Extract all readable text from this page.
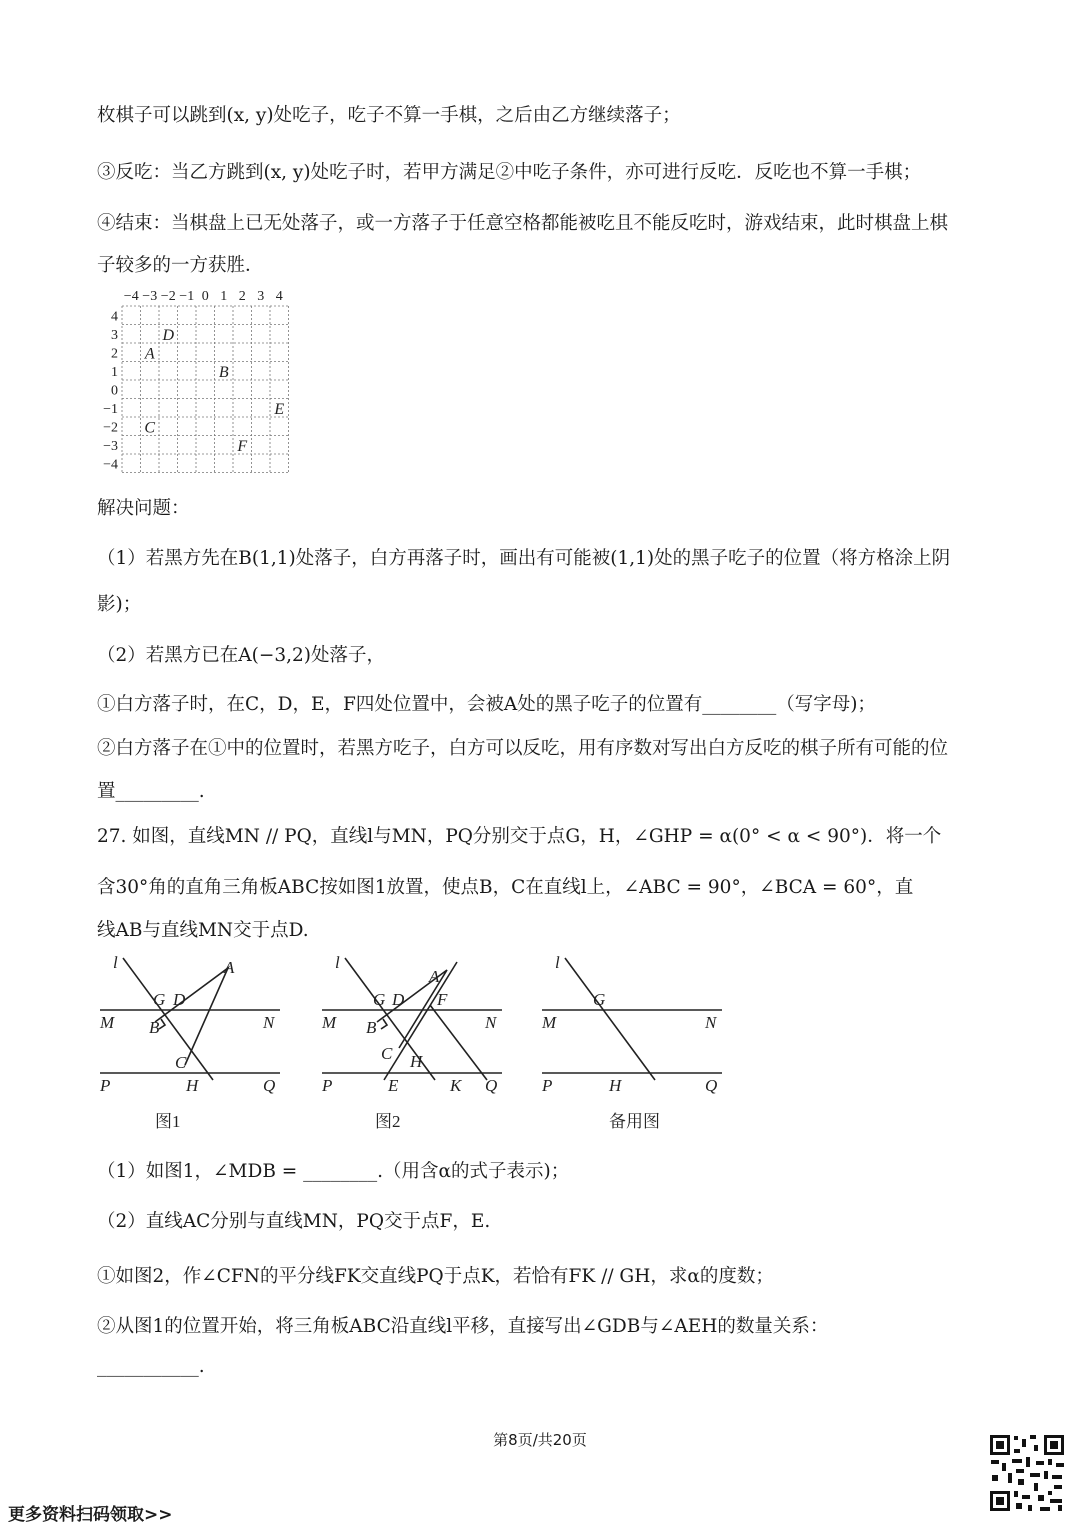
枚棋子可以跳到(x, y)处吃子，吃子不算一手棋，之后由乙方继续落子；
③反吃：当乙方跳到(x, y)处吃子时，若甲方满足②中吃子条件，亦可进行反吃．反吃也不算一手棋；
④结束：当棋盘上已无处落子，或一方落子于任意空格都能被吃且不能反吃时，游戏结束，此时棋盘上棋
子较多的一方获胜．
−4 −3 −2 −1 0 1 2 3 4
4
3
2
1
0
−1
−2
−3
−4
D
A
B
E
C
F
解决问题：
（1）若黑方先在B(1,1)处落子，白方再落子时，画出有可能被(1,1)处的黑子吃子的位置（将方格涂上阴
影)；
（2）若黑方已在A(−3,2)处落子，
①白方落子时，在C，D，E，F四处位置中，会被A处的黑子吃子的位置有________（写字母)；
②白方落子在①中的位置时，若黑方吃子，白方可以反吃，用有序数对写出白方反吃的棋子所有可能的位
置_________.
27. 如图，直线MN // PQ，直线l与MN，PQ分别交于点G，H，∠GHP = α(0° < α < 90°)．将一个
含30°角的直角三角板ABC按如图1放置，使点B，C在直线l上，∠ABC = 90°，∠BCA = 60°，直
线AB与直线MN交于点D.
l	A
G D
M B	N
C
P	H	Q
图1
l
A
G D F
M B	N
C H
P	E	K Q
图2
l
G
M	N
P	H	Q
备用图
（1）如图1，∠MDB = ________.（用含α的式子表示)；
（2）直线AC分别与直线MN，PQ交于点F，E.
①如图2，作∠CFN的平分线FK交直线PQ于点K，若恰有FK // GH，求α的度数；
②从图1的位置开始，将三角板ABC沿直线l平移，直接写出∠GDB与∠AEH的数量关系：
___________.
第8页/共20页
更多资料扫码领取>>
